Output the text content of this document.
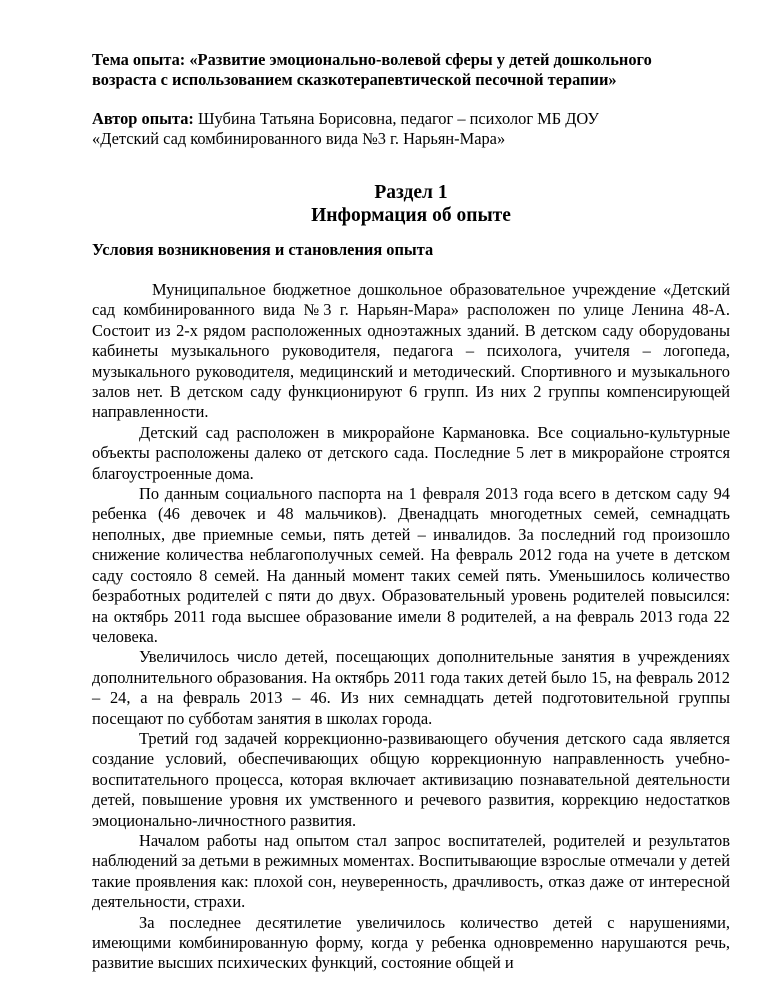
Тема опыта: «Развитие эмоционально-волевой сферы у детей дошкольного
возраста с использованием сказкотерапевтической песочной терапии»
Автор опыта: Шубина Татьяна Борисовна, педагог – психолог МБ ДОУ
«Детский сад комбинированного вида №3 г. Нарьян-Мара»
Раздел 1
Информация об опыте
Условия возникновения и становления опыта

Муниципальное бюджетное дошкольное образовательное учреждение «Детский сад комбинированного вида №3 г. Нарьян-Мара» расположен по улице Ленина 48-А. Состоит из 2-х рядом расположенных одноэтажных зданий. В детском саду оборудованы кабинеты музыкального руководителя, педагога – психолога, учителя – логопеда, музыкального руководителя, медицинский и методический. Спортивного и музыкального залов нет. В детском саду функционируют 6 групп. Из них 2 группы компенсирующей направленности.

Детский сад расположен в микрорайоне Кармановка. Все социально-культурные объекты расположены далеко от детского сада. Последние 5 лет в микрорайоне строятся благоустроенные дома.

По данным социального паспорта на 1 февраля 2013 года всего в детском саду 94 ребенка (46 девочек и 48 мальчиков). Двенадцать многодетных семей, семнадцать неполных, две приемные семьи, пять детей – инвалидов. За последний год произошло снижение количества неблагополучных семей. На февраль 2012 года на учете в детском саду состояло 8 семей. На данный момент таких семей пять. Уменьшилось количество безработных родителей с пяти до двух. Образовательный уровень родителей повысился: на октябрь 2011 года высшее образование имели 8 родителей, а на февраль 2013 года 22 человека.

Увеличилось число детей, посещающих дополнительные занятия в учреждениях дополнительного образования. На октябрь 2011 года таких детей было 15, на февраль 2012 – 24, а на февраль 2013 – 46. Из них семнадцать детей подготовительной группы посещают по субботам занятия в школах города.

Третий год задачей коррекционно-развивающего обучения детского сада является создание условий, обеспечивающих общую коррекционную направленность учебно-воспитательного процесса, которая включает активизацию познавательной деятельности детей, повышение уровня их умственного и речевого развития, коррекцию недостатков эмоционально-личностного развития.

Началом работы над опытом стал запрос воспитателей, родителей и результатов наблюдений за детьми в режимных моментах. Воспитывающие взрослые отмечали у детей такие проявления как: плохой сон, неуверенность, драчливость, отказ даже от интересной деятельности, страхи.

За последнее десятилетие увеличилось количество детей с нарушениями, имеющими комбинированную форму, когда у ребенка одновременно нарушаются речь, развитие высших психических функций, состояние общей и
